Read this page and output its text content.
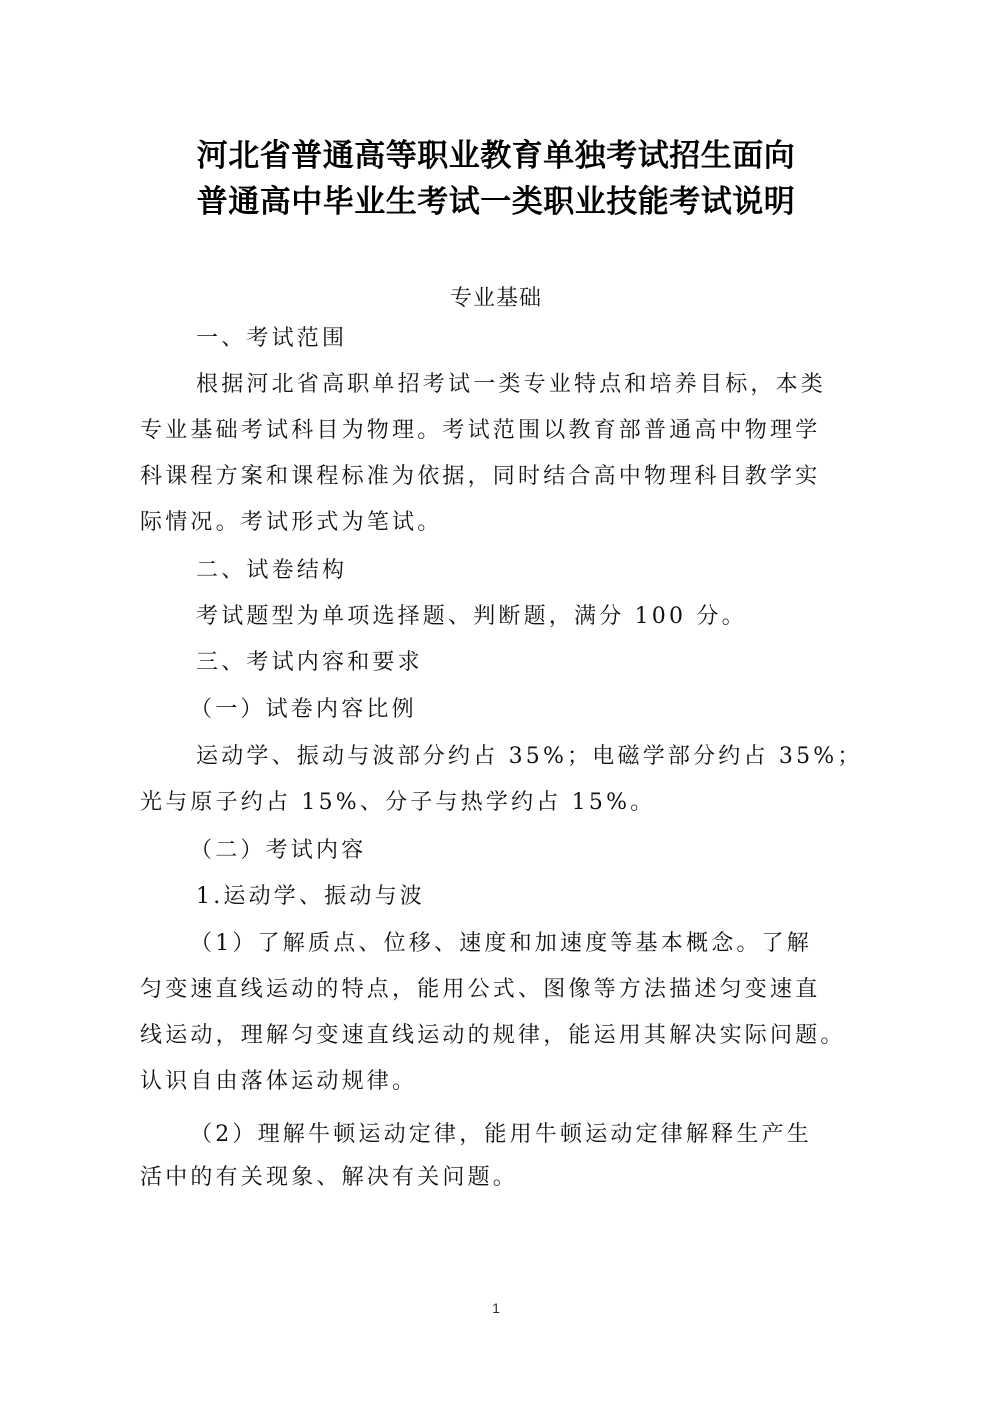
河北省普通高等职业教育单独考试招生面向
普通高中毕业生考试一类职业技能考试说明
专业基础
一、考试范围
根据河北省高职单招考试一类专业特点和培养目标，本类
专业基础考试科目为物理。考试范围以教育部普通高中物理学
科课程方案和课程标准为依据，同时结合高中物理科目教学实
际情况。考试形式为笔试。
二、试卷结构
考试题型为单项选择题、判断题，满分 100 分。
三、考试内容和要求
（一）试卷内容比例
运动学、振动与波部分约占 35%；电磁学部分约占 35%；
光与原子约占 15%、分子与热学约占 15%。
（二）考试内容
1.运动学、振动与波
（1）了解质点、位移、速度和加速度等基本概念。了解
匀变速直线运动的特点，能用公式、图像等方法描述匀变速直
线运动，理解匀变速直线运动的规律，能运用其解决实际问题。
认识自由落体运动规律。
（2）理解牛顿运动定律，能用牛顿运动定律解释生产生
活中的有关现象、解决有关问题。
1
